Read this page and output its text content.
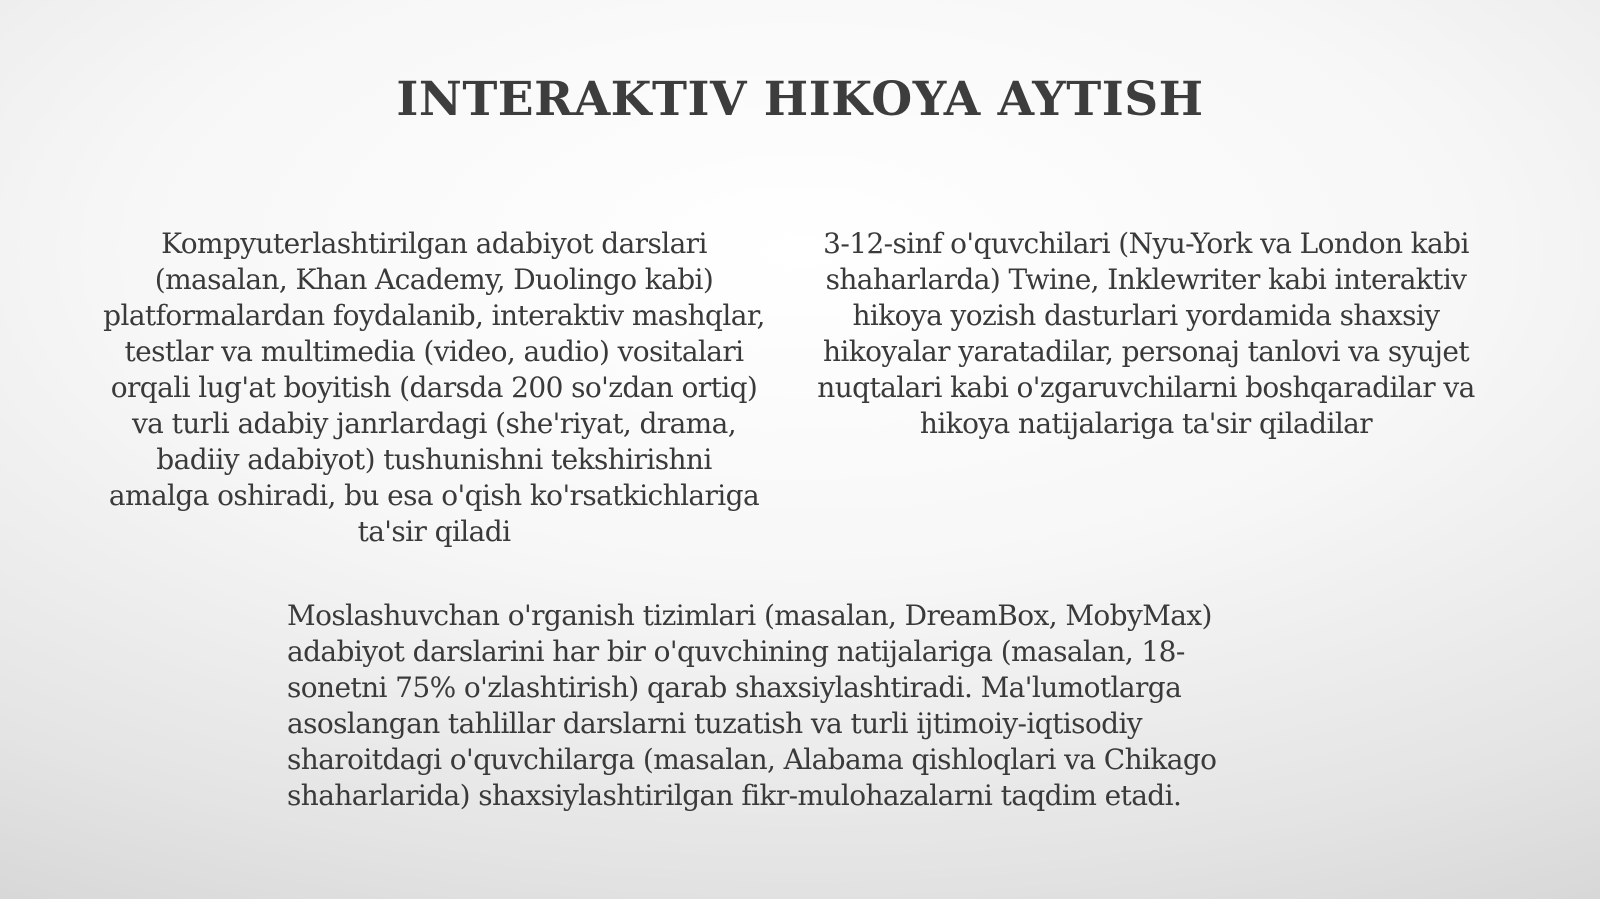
INTERAKTIV HIKOYA AYTISH

Kompyuterlashtirilgan adabiyot darslari (masalan, Khan Academy, Duolingo kabi) platformalardan foydalanib, interaktiv mashqlar, testlar va multimedia (video, audio) vositalari orqali lug'at boyitish (darsda 200 so'zdan ortiq) va turli adabiy janrlardagi (she'riyat, drama, badiiy adabiyot) tushunishni tekshirishni amalga oshiradi, bu esa o'qish ko'rsatkichlariga ta'sir qiladi

3-12-sinf o'quvchilari (Nyu-York va London kabi shaharlarda) Twine, Inklewriter kabi interaktiv hikoya yozish dasturlari yordamida shaxsiy hikoyalar yaratadilar, personaj tanlovi va syujet nuqtalari kabi o'zgaruvchilarni boshqaradilar va hikoya natijalariga ta'sir qiladilar

Moslashuvchan o'rganish tizimlari (masalan, DreamBox, MobyMax) adabiyot darslarini har bir o'quvchining natijalariga (masalan, 18-sonetni 75% o'zlashtirish) qarab shaxsiylashtiradi. Ma'lumotlarga asoslangan tahlillar darslarni tuzatish va turli ijtimoiy-iqtisodiy sharoitdagi o'quvchilarga (masalan, Alabama qishloqlari va Chikago shaharlarida) shaxsiylashtirilgan fikr-mulohazalarni taqdim etadi.
